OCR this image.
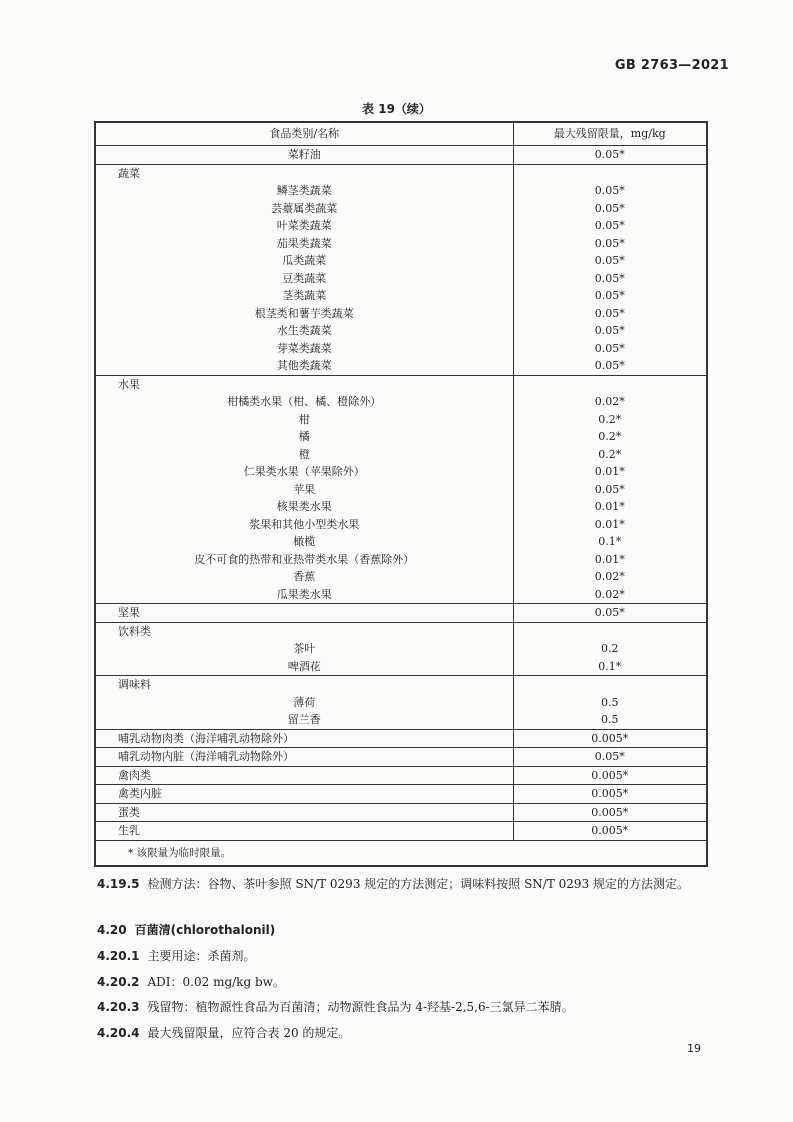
GB 2763—2021
表 19（续）
食品类别/名称	最大残留限量，mg/kg
菜籽油	0.05*
蔬菜	
鳞茎类蔬菜	0.05*
芸薹属类蔬菜	0.05*
叶菜类蔬菜	0.05*
茄果类蔬菜	0.05*
瓜类蔬菜	0.05*
豆类蔬菜	0.05*
茎类蔬菜	0.05*
根茎类和薯芋类蔬菜	0.05*
水生类蔬菜	0.05*
芽菜类蔬菜	0.05*
其他类蔬菜	0.05*
水果	
柑橘类水果（柑、橘、橙除外）	0.02*
柑	0.2*
橘	0.2*
橙	0.2*
仁果类水果（苹果除外）	0.01*
苹果	0.05*
核果类水果	0.01*
浆果和其他小型类水果	0.01*
橄榄	0.1*
皮不可食的热带和亚热带类水果（香蕉除外）	0.01*
香蕉	0.02*
瓜果类水果	0.02*
坚果	0.05*
饮料类	
茶叶	0.2
啤酒花	0.1*
调味料	
薄荷	0.5
留兰香	0.5
哺乳动物肉类（海洋哺乳动物除外）	0.005*
哺乳动物内脏（海洋哺乳动物除外）	0.05*
禽肉类	0.005*
禽类内脏	0.005*
蛋类	0.005*
生乳	0.005*
* 该限量为临时限量。	
4.19.5 检测方法：谷物、茶叶参照 SN/T 0293 规定的方法测定；调味料按照 SN/T 0293 规定的方法测定。
4.20 百菌清(chlorothalonil)
4.20.1 主要用途：杀菌剂。
4.20.2 ADI：0.02 mg/kg bw。
4.20.3 残留物：植物源性食品为百菌清；动物源性食品为 4-羟基-2,5,6-三氯异二苯腈。
4.20.4 最大残留限量，应符合表 20 的规定。
19
